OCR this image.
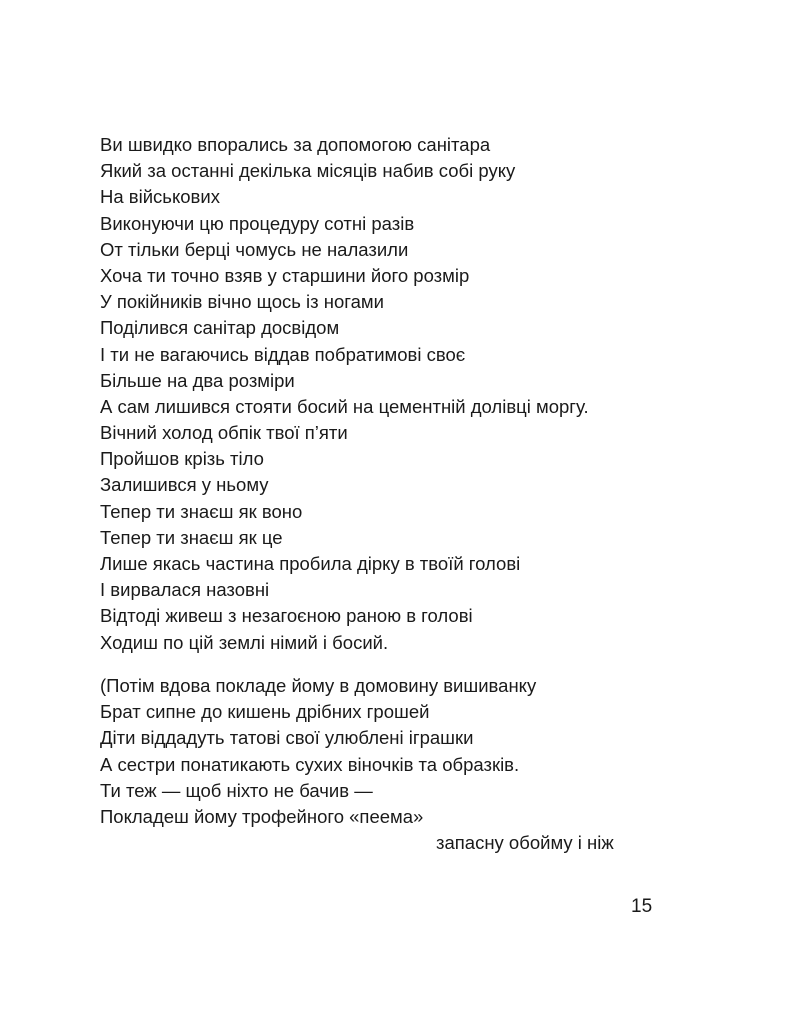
Ви швидко впорались за допомогою санітара
Який за останні декілька місяців набив собі руку
На військових
Виконуючи цю процедуру сотні разів
От тільки берці чомусь не налазили
Хоча ти точно взяв у старшини його розмір
У покійників вічно щось із ногами
Поділився санітар досвідом
І ти не вагаючись віддав побратимові своє
Більше на два розміри
А сам лишився стояти босий на цементній долівці моргу.
Вічний холод обпік твої п’яти
Пройшов крізь тіло
Залишився у ньому
Тепер ти знаєш як воно
Тепер ти знаєш як це
Лише якась частина пробила дірку в твоїй голові
І вирвалася назовні
Відтоді живеш з незагоєною раною в голові
Ходиш по цій землі німий і босий.
(Потім вдова покладе йому в домовину вишиванку
Брат сипне до кишень дрібних грошей
Діти віддадуть татові свої улюблені іграшки
А сестри понатикають сухих віночків та образків.
Ти теж — щоб ніхто не бачив —
Покладеш йому трофейного «пеема»
запасну обойму і ніж
15
